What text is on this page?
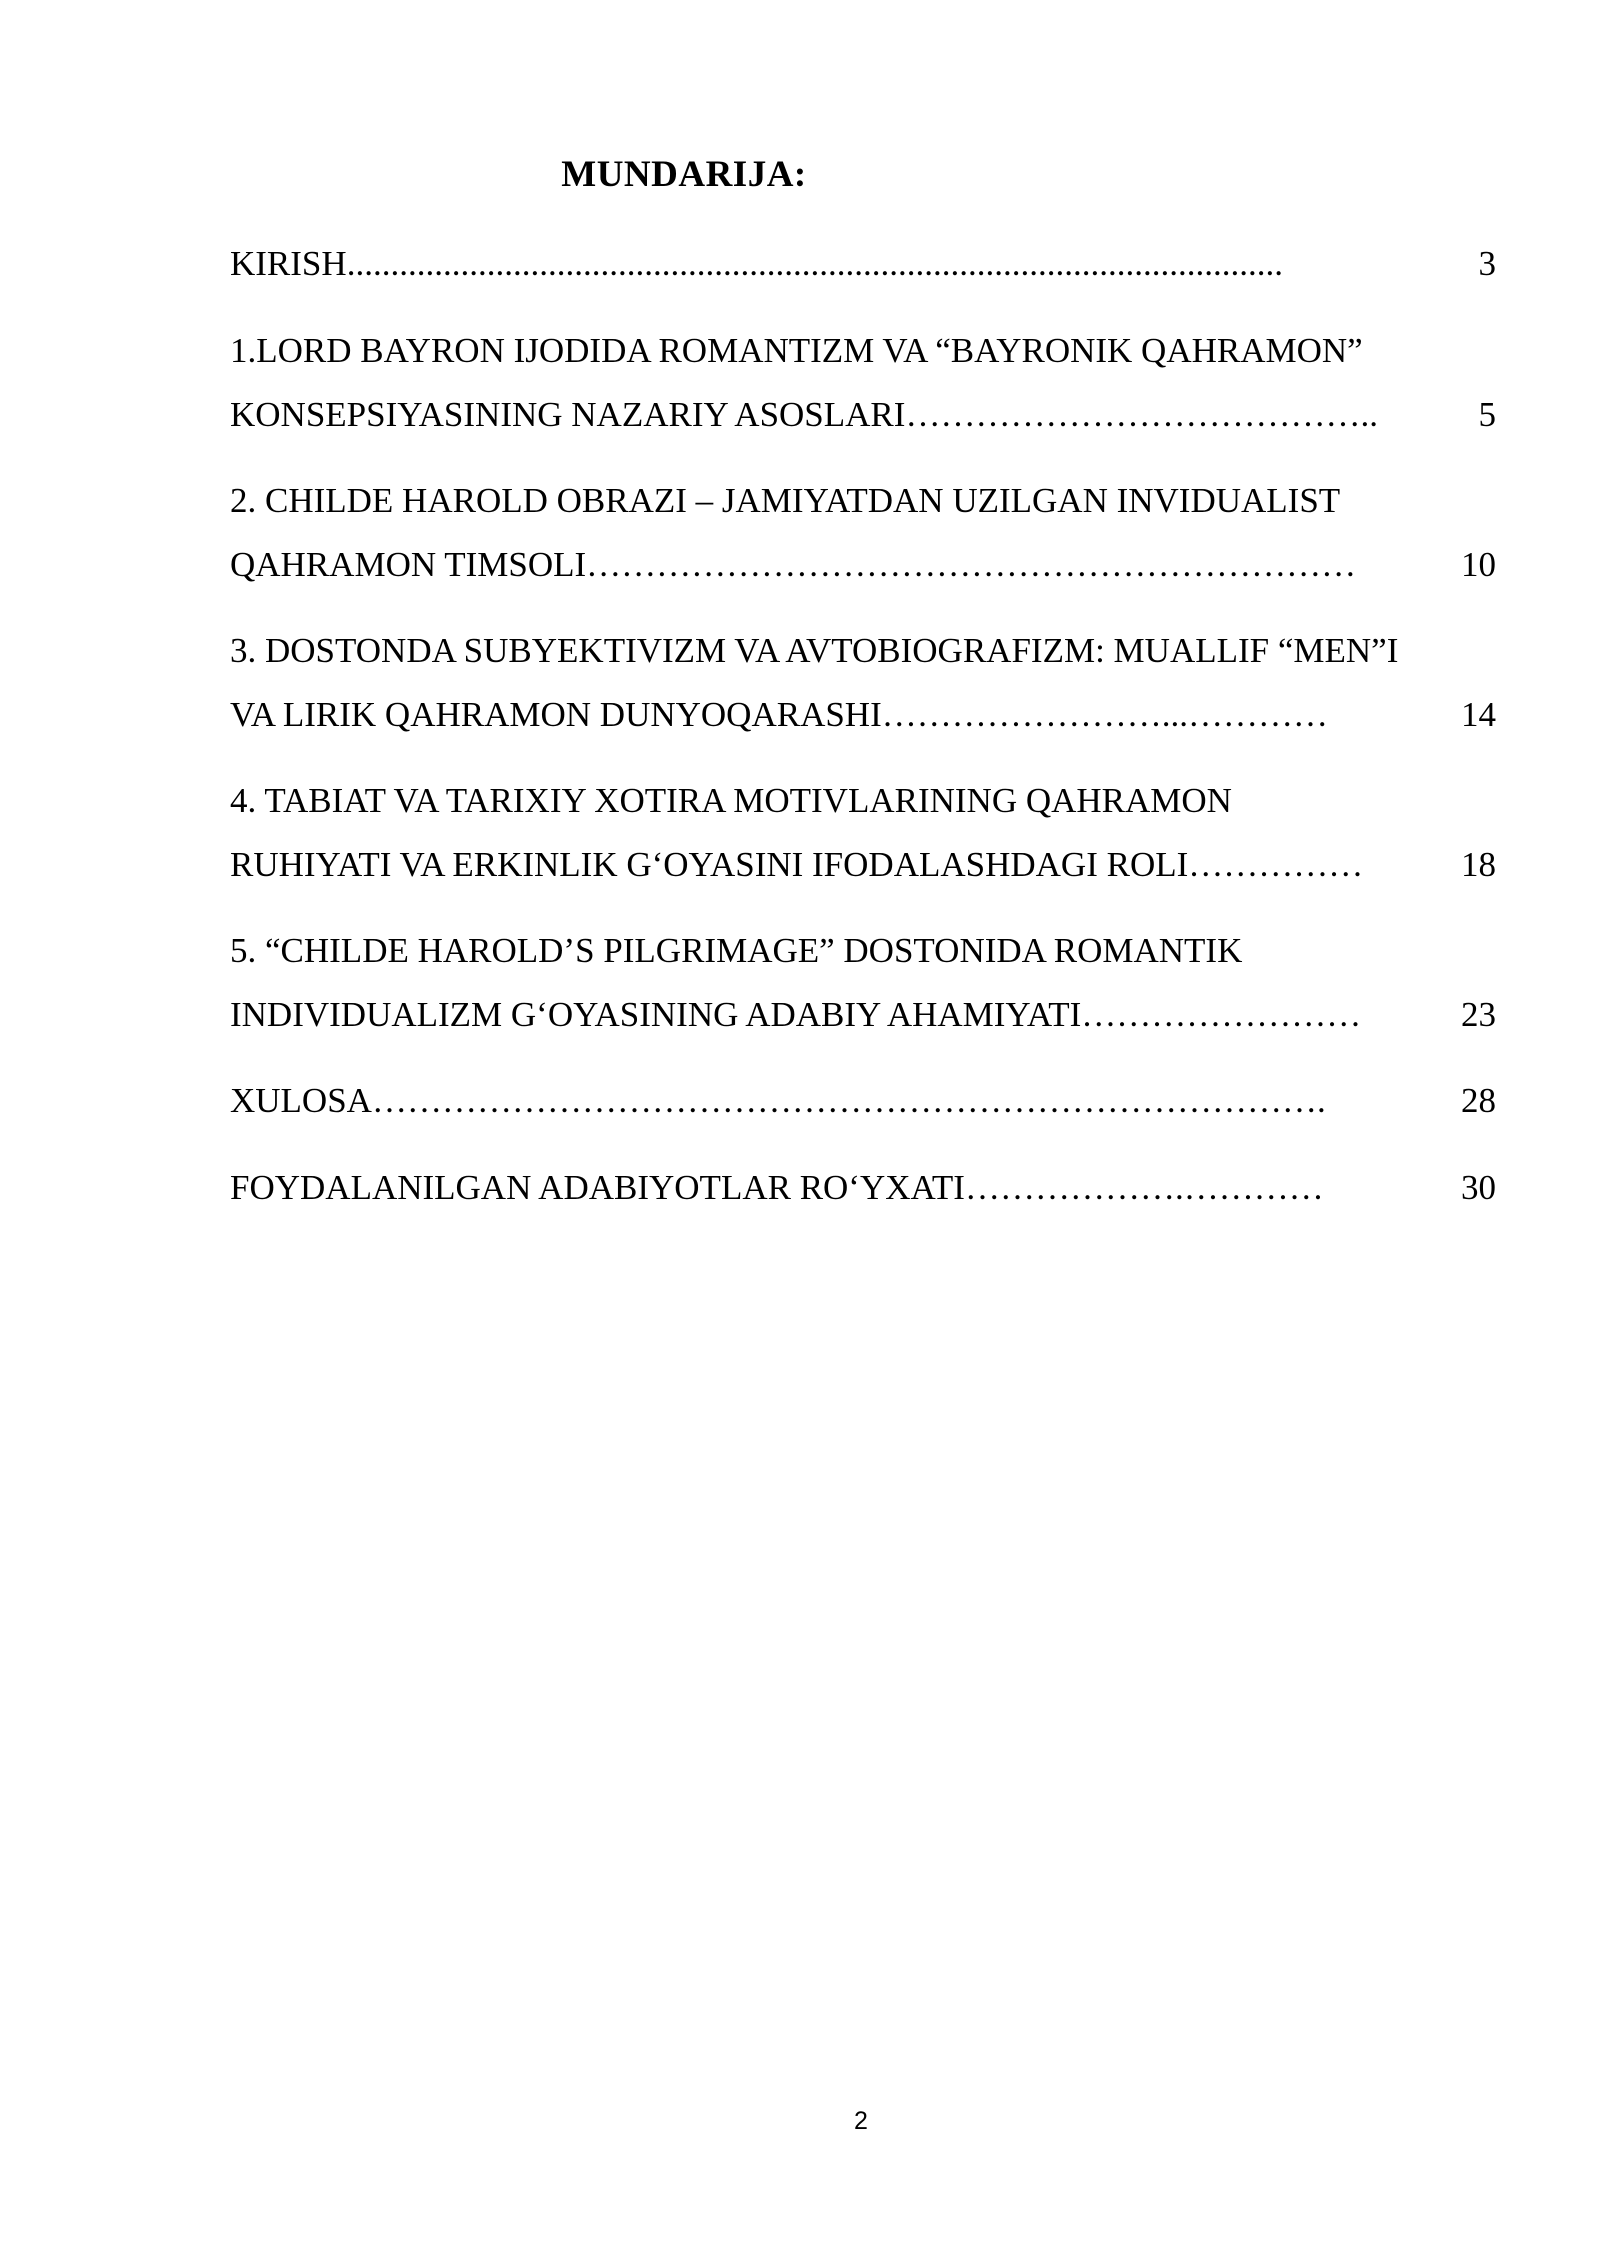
MUNDARIJA:
KIRISH ...........................................................................................................	3
1.LORD BAYRON IJODIDA ROMANTIZM VA “BAYRONIK QAHRAMON”
KONSEPSIYASINING NAZARIY ASOSLARI …………………………………..	5
2. CHILDE HAROLD OBRAZI – JAMIYATDAN UZILGAN INVIDUALIST
QAHRAMON TIMSOLI …………………………………………………………	10
3. DOSTONDA SUBYEKTIVIZM VA AVTOBIOGRAFIZM: MUALLIF “MEN”I
VA LIRIK QAHRAMON DUNYOQARASHI ……………………...…………	14
4. TABIAT VA TARIXIY XOTIRA MOTIVLARINING QAHRAMON
RUHIYATI VA ERKINLIK G‘OYASINI IFODALASHDAGI ROLI ……………	18
5. “CHILDE HAROLD’S PILGRIMAGE” DOSTONIDA ROMANTIK
INDIVIDUALIZM G‘OYASINING ADABIY AHAMIYATI ……………………	23
XULOSA ……………………………………………………………………….	28
FOYDALANILGAN ADABIYOTLAR RO‘YXATI ……………….…………	30
2
